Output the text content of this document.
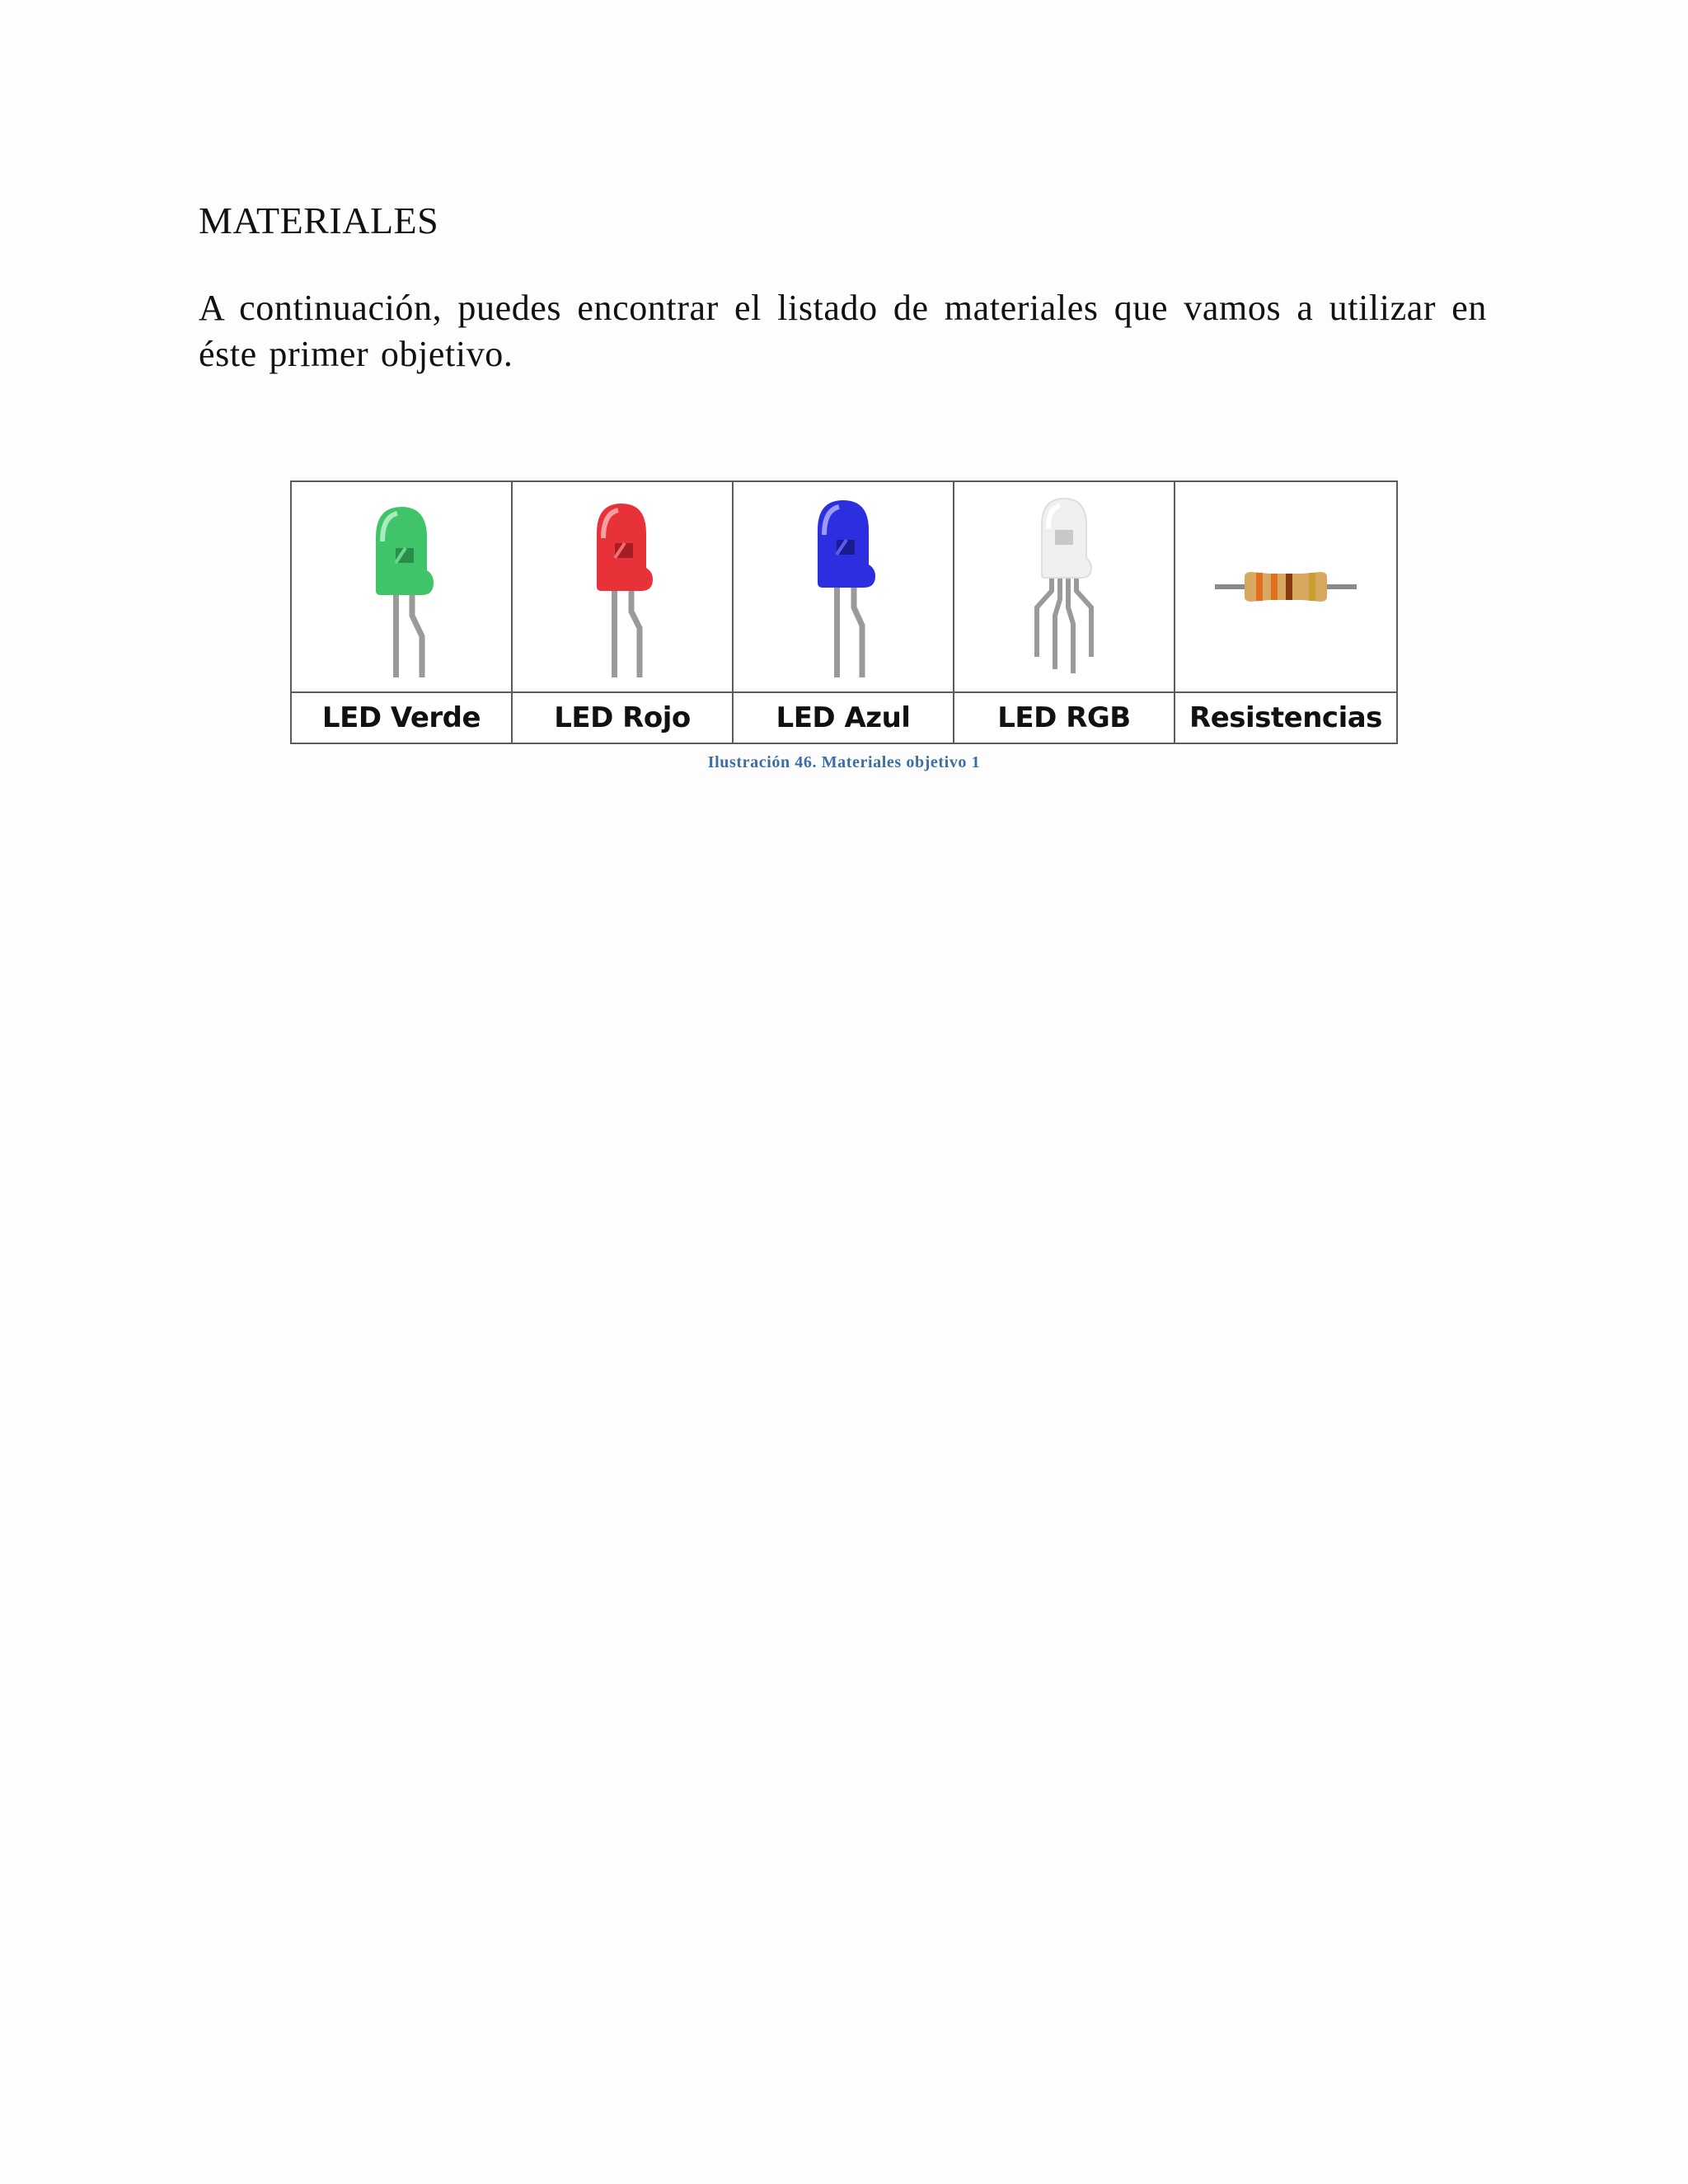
MATERIALES
A continuación, puedes encontrar el listado de materiales que vamos a utilizar en éste primer objetivo.
LED Verde	LED Rojo	LED Azul	LED RGB	Resistencias
Ilustración 46. Materiales objetivo 1
